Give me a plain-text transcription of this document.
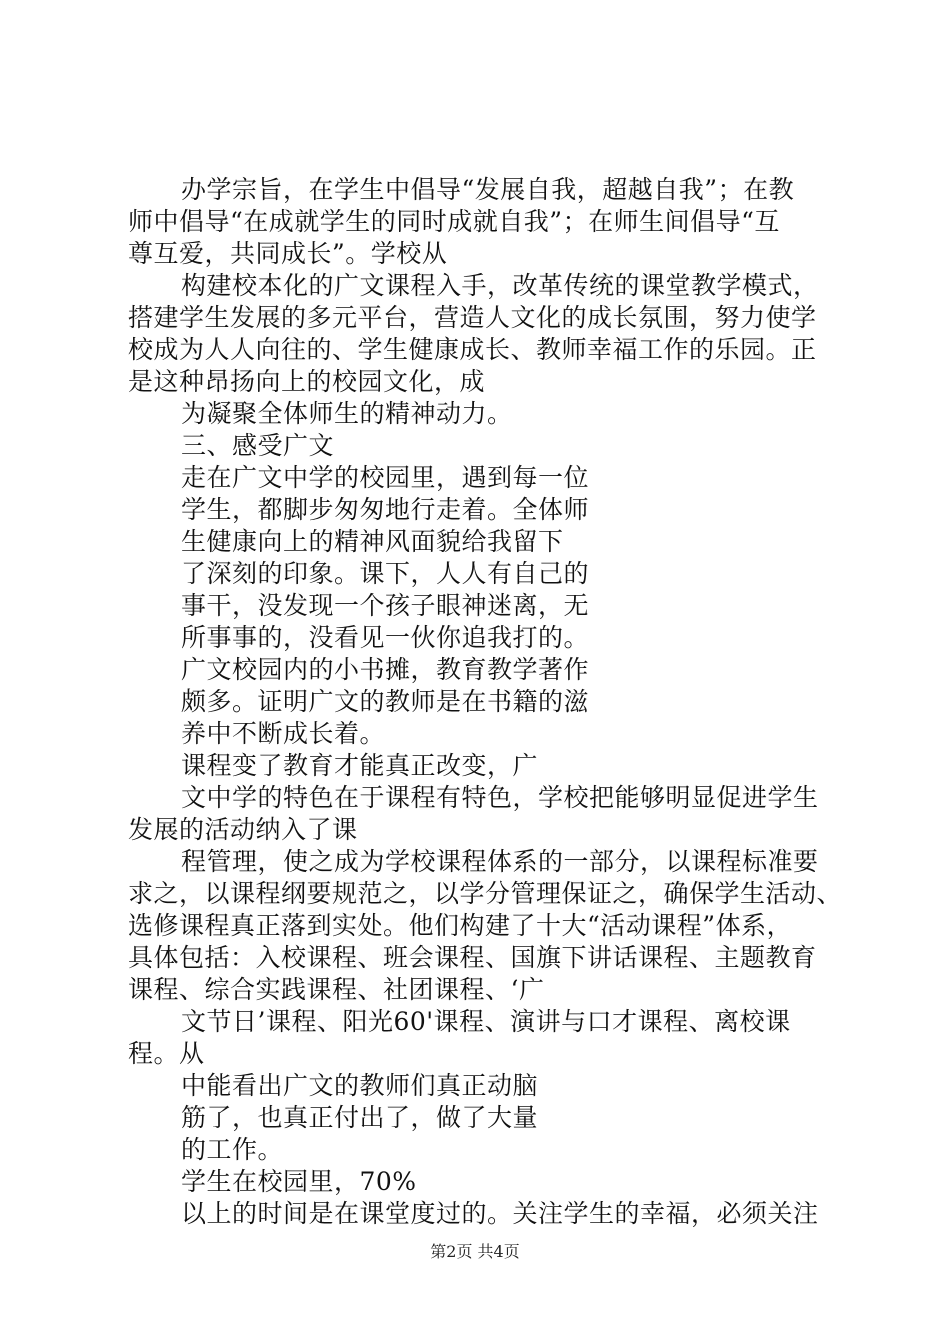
办学宗旨，在学生中倡导“发展自我，超越自我”；在教
师中倡导“在成就学生的同时成就自我”；在师生间倡导“互
尊互爱，共同成长”。学校从
构建校本化的广文课程入手，改革传统的课堂教学模式，
搭建学生发展的多元平台，营造人文化的成长氛围，努力使学
校成为人人向往的、学生健康成长、教师幸福工作的乐园。正
是这种昂扬向上的校园文化，成
为凝聚全体师生的精神动力。
三、感受广文
走在广文中学的校园里，遇到每一位
学生，都脚步匆匆地行走着。全体师
生健康向上的精神风面貌给我留下
了深刻的印象。课下，人人有自己的
事干，没发现一个孩子眼神迷离，无
所事事的，没看见一伙你追我打的。
广文校园内的小书摊，教育教学著作
颇多。证明广文的教师是在书籍的滋
养中不断成长着。
课程变了教育才能真正改变，广
文中学的特色在于课程有特色，学校把能够明显促进学生
发展的活动纳入了课
程管理，使之成为学校课程体系的一部分，以课程标准要
求之，以课程纲要规范之，以学分管理保证之，确保学生活动、
选修课程真正落到实处。他们构建了十大“活动课程”体系，
具体包括：入校课程、班会课程、国旗下讲话课程、主题教育
课程、综合实践课程、社团课程、‘广
文节日’课程、阳光60'课程、演讲与口才课程、离校课
程。从
中能看出广文的教师们真正动脑
筋了，也真正付出了，做了大量
的工作。
学生在校园里，70%
以上的时间是在课堂度过的。关注学生的幸福，必须关注
第2页 共4页
